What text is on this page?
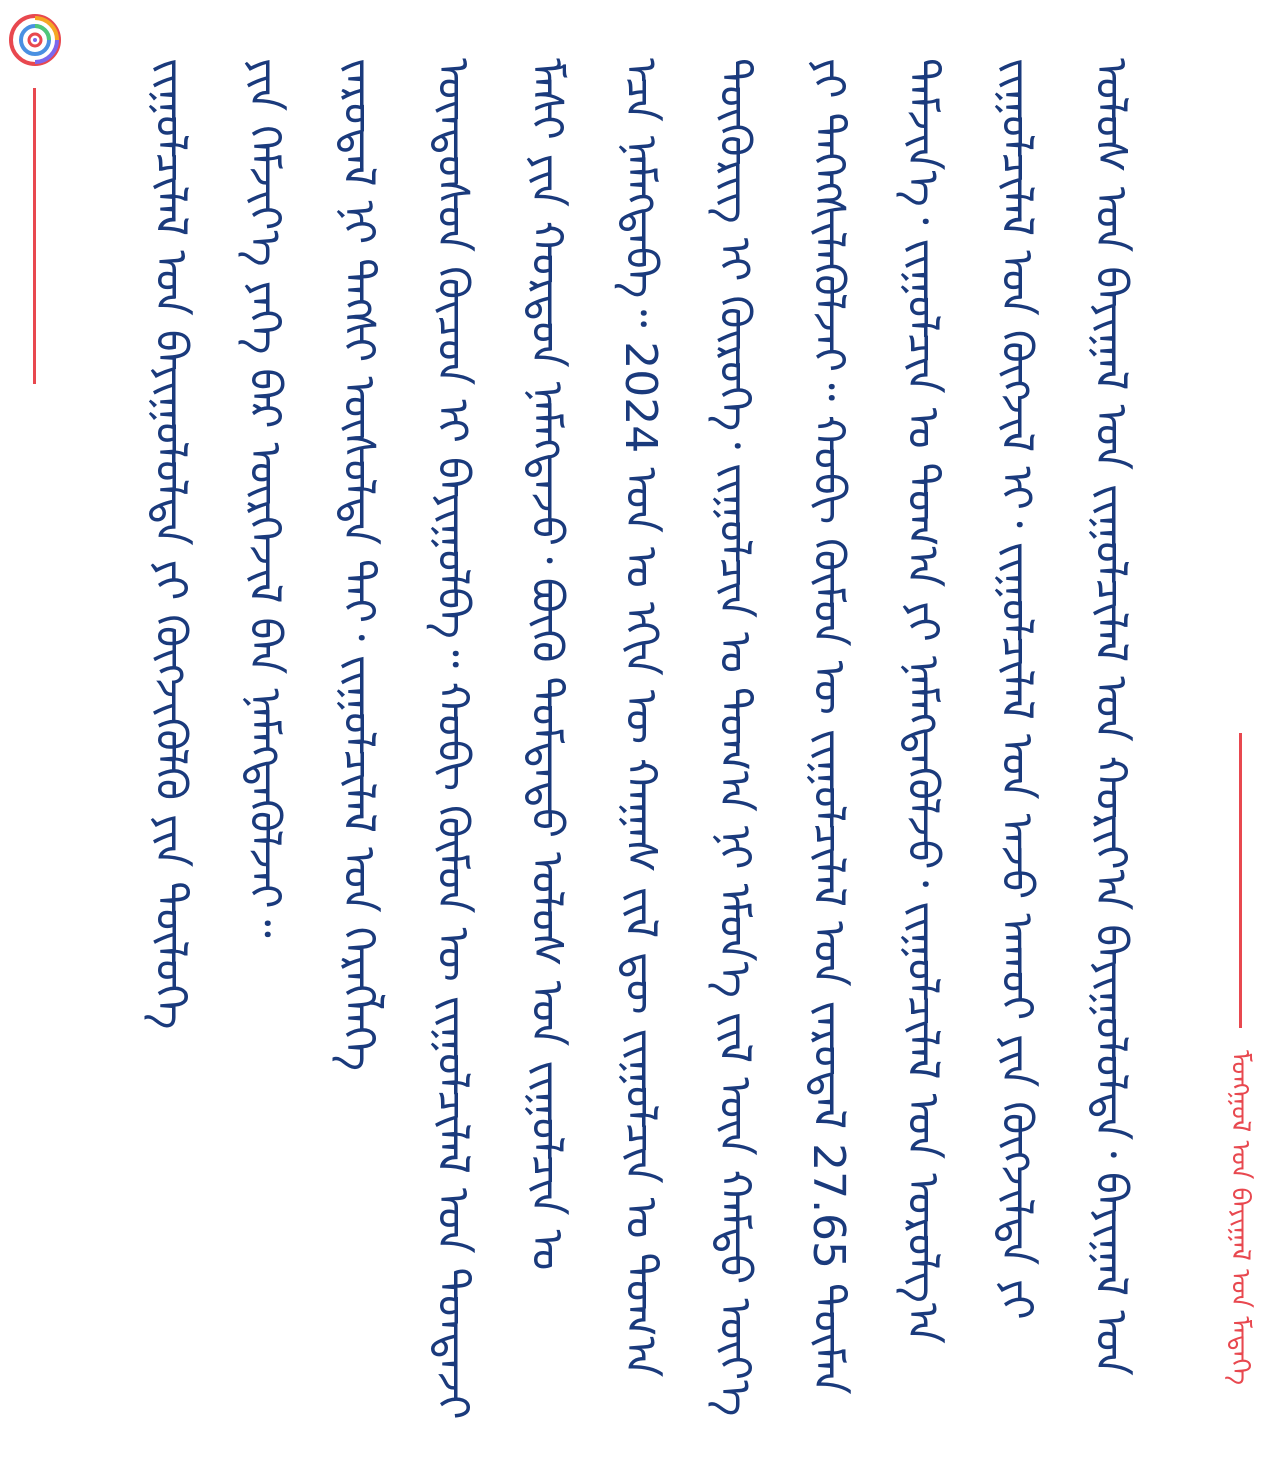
ᠮᠣᠩᠭᠣᠯ ᠤᠨ ᠪᠠᠶᠢᠭᠠᠯ ᠤᠨ ᠮᠡᠳᠡᠭᠡ
ᠤᠯᠤᠰ ᠤᠨ ᠪᠠᠶᠢᠭᠠᠯ ᠤᠨ ᠵᠢᠭᠤᠯᠴᠢᠯᠠᠯ ᠤᠨ ᠬᠤᠷᠢᠶ᠎ᠠ ᠪᠠᠶᠢᠭᠤᠯᠤᠯᠲᠠ᠂ ᠪᠠᠶᠢᠭᠠᠯ ᠤᠨ
ᠵᠢᠭᠤᠯᠴᠢᠯᠠᠯ ᠤᠨ ᠬᠦᠭᠵᠢᠯ ᠢ᠂ ᠵᠢᠭᠤᠯᠴᠢᠯᠠᠯ ᠤᠨ ᠠᠵᠤ ᠠᠬᠤᠢ ᠶᠢᠨ ᠬᠦᠭᠵᠢᠯᠲᠡ ᠶᠢ
ᠳᠡᠮᠵᠢᠨ᠎ᠡ᠂ ᠵᠢᠭᠤᠯᠴᠢᠨ ᠤ ᠲᠣᠭ᠎ᠠ ᠶᠢ ᠨᠡᠮᠡᠭᠳᠡᠭᠦᠯᠵᠦ᠂ ᠵᠢᠭᠤᠯᠴᠢᠯᠠᠯ ᠤᠨ ᠣᠷᠣᠯᠭ᠎ᠠ
ᠶᠢ ᠳᠡᠭᠡᠭᠰᠢᠯᠡᠭᠦᠯᠵᠡᠢ᠃ ᠬᠤᠪᠢ ᠬᠦᠮᠦᠨ ᠦ ᠵᠢᠭᠤᠯᠴᠢᠯᠠᠯ ᠤᠨ ᠵᠠᠷᠤᠳᠠᠯ 27.65 ᠲᠦᠮᠡᠨ
ᠲᠥᠭᠦᠷᠢᠭ ᠢ ᠬᠦᠷᠦᠭᠡ᠂ ᠵᠢᠭᠤᠯᠴᠢᠨ ᠤ ᠲᠣᠭ᠎ᠠ ᠨᠢ ᠡᠮᠦᠨ᠎ᠡ ᠵᠢᠯ ᠦᠨ ᠬᠠᠮᠲᠤ ᠦᠶ᠎ᠡ
ᠡᠴᠡ ᠨᠡᠮᠡᠭᠳᠡᠪᠡ᠃ 2024 ᠣᠨ ᠤ ᠡᠬᠢᠨ ᠦ ᠬᠠᠭᠠᠰ ᠵᠢᠯ ᠳᠦ ᠵᠢᠭᠤᠯᠴᠢᠨ ᠤ ᠲᠣᠭ᠎ᠠ
ᠮᠠᠰᠢ ᠶᠢᠨ ᠬᠤᠷᠳᠤᠨ ᠨᠡᠮᠡᠭᠳᠡᠵᠦ᠂ ᠪᠦᠬᠦ ᠳᠤᠮᠳᠠᠳᠤ ᠤᠯᠤᠰ ᠤᠨ ᠵᠢᠭᠤᠯᠴᠢᠨ ᠤ
ᠦᠨᠳᠦᠰᠦᠨ ᠬᠦᠴᠦᠨ ᠢ ᠪᠠᠶᠢᠭᠤᠯᠪᠠ᠃ ᠬᠤᠪᠢ ᠬᠦᠮᠦᠨ ᠦ ᠵᠢᠭᠤᠯᠴᠢᠯᠠᠯ ᠤᠨ ᠳᠤᠨᠳᠠᠵᠢ
ᠵᠠᠷᠤᠳᠠᠯ ᠨᠢ ᠲᠡᠭᠰᠢ ᠦᠰᠦᠯᠲᠡ ᠲᠡᠢ᠂ ᠵᠢᠭᠤᠯᠴᠢᠯᠠᠯ ᠤᠨ ᠬᠡᠷᠡᠭᠯᠡᠭᠡ
ᠶᠢᠨ ᠬᠡᠮᠵᠢᠶ᠎ᠡ ᠶᠡᠬᠡ ᠪᠡᠷ ᠥᠷᠭᠡᠵᠢᠯ ᠪᠡᠨ ᠨᠡᠮᠡᠭᠳᠡᠭᠦᠯᠵᠡᠢ᠃
ᠵᠢᠭᠤᠯᠴᠢᠯᠠᠯ ᠤᠨ ᠪᠠᠶᠢᠭᠤᠯᠤᠯᠲᠠ ᠶᠢ ᠬᠥᠭᠵᠢᠭᠦᠯᠬᠦ ᠶᠢᠨ ᠲᠥᠯᠦᠭᠡ
